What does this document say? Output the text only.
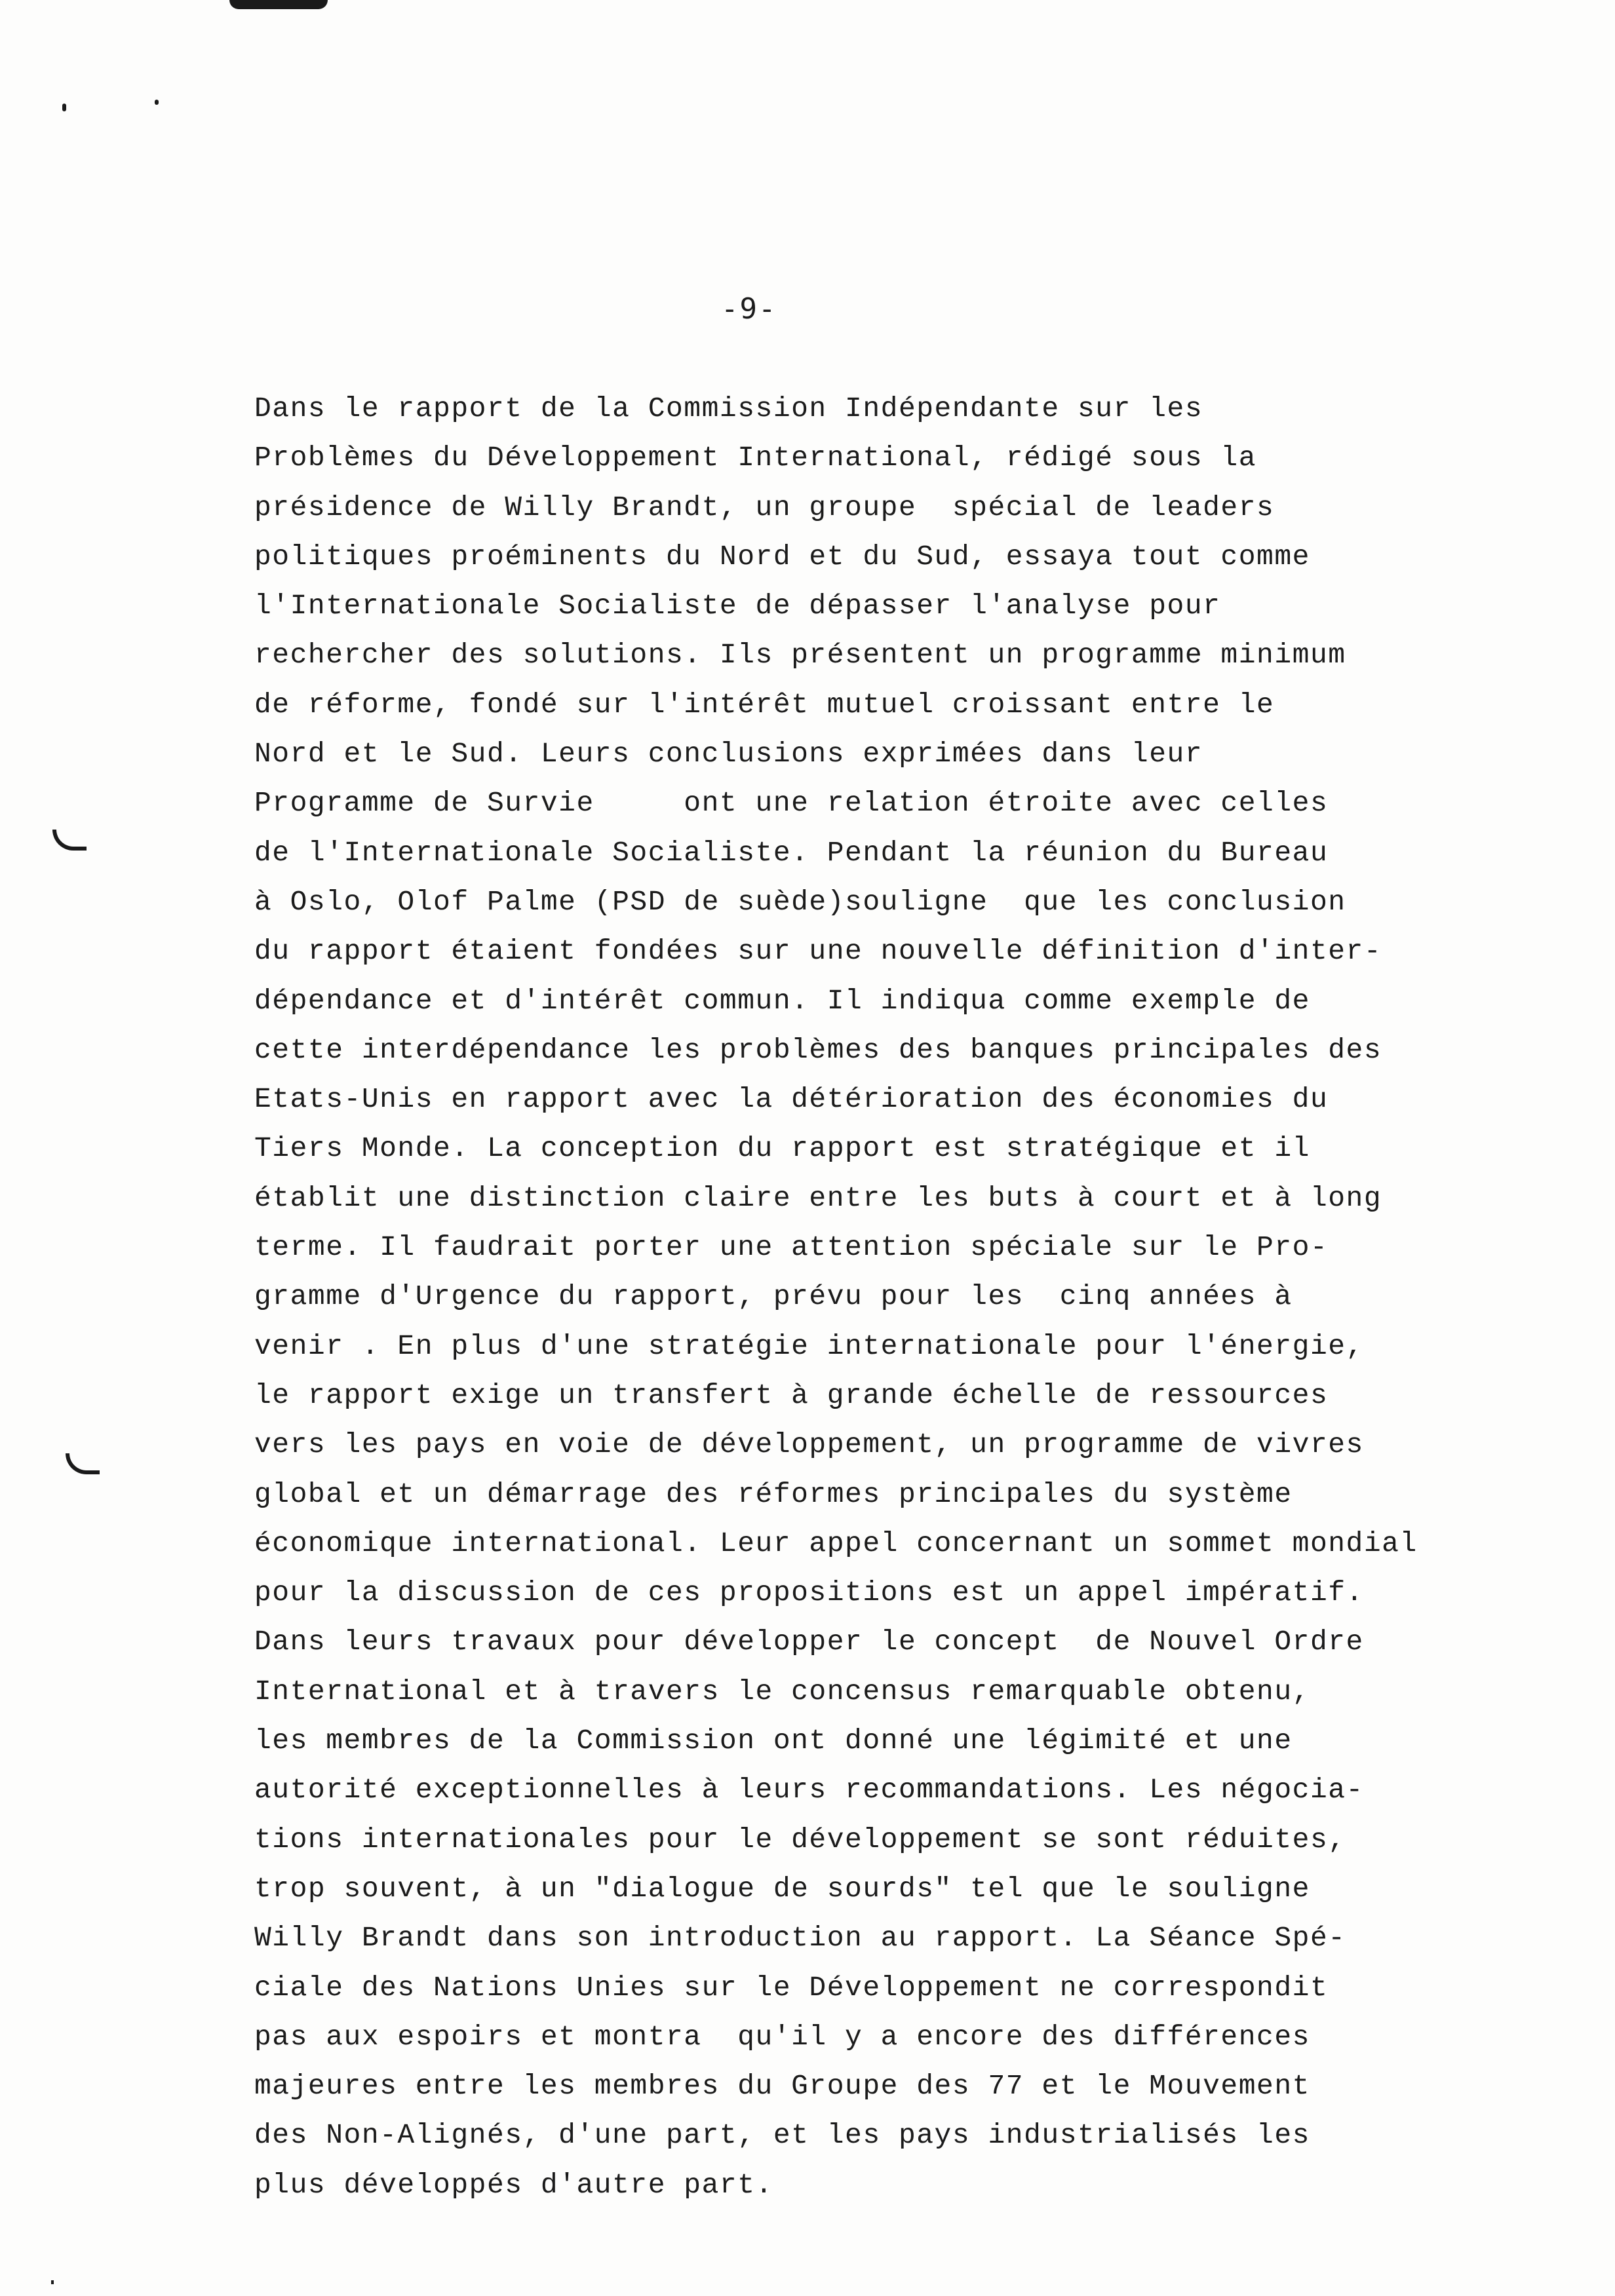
-9-
Dans le rapport de la Commission Indépendante sur les
Problèmes du Développement International, rédigé sous la
présidence de Willy Brandt, un groupe  spécial de leaders
politiques proéminents du Nord et du Sud, essaya tout comme
l'Internationale Socialiste de dépasser l'analyse pour
rechercher des solutions. Ils présentent un programme minimum
de réforme, fondé sur l'intérêt mutuel croissant entre le
Nord et le Sud. Leurs conclusions exprimées dans leur
Programme de Survie     ont une relation étroite avec celles
de l'Internationale Socialiste. Pendant la réunion du Bureau
à Oslo, Olof Palme (PSD de suède)souligne  que les conclusion
du rapport étaient fondées sur une nouvelle définition d'inter-
dépendance et d'intérêt commun. Il indiqua comme exemple de
cette interdépendance les problèmes des banques principales des
Etats-Unis en rapport avec la détérioration des économies du
Tiers Monde. La conception du rapport est stratégique et il
établit une distinction claire entre les buts à court et à long
terme. Il faudrait porter une attention spéciale sur le Pro-
gramme d'Urgence du rapport, prévu pour les  cinq années à
venir . En plus d'une stratégie internationale pour l'énergie,
le rapport exige un transfert à grande échelle de ressources
vers les pays en voie de développement, un programme de vivres
global et un démarrage des réformes principales du système
économique international. Leur appel concernant un sommet mondial
pour la discussion de ces propositions est un appel impératif.
Dans leurs travaux pour développer le concept  de Nouvel Ordre
International et à travers le concensus remarquable obtenu,
les membres de la Commission ont donné une légimité et une
autorité exceptionnelles à leurs recommandations. Les négocia-
tions internationales pour le développement se sont réduites,
trop souvent, à un "dialogue de sourds" tel que le souligne
Willy Brandt dans son introduction au rapport. La Séance Spé-
ciale des Nations Unies sur le Développement ne correspondit
pas aux espoirs et montra  qu'il y a encore des différences
majeures entre les membres du Groupe des 77 et le Mouvement
des Non-Alignés, d'une part, et les pays industrialisés les
plus développés d'autre part.
